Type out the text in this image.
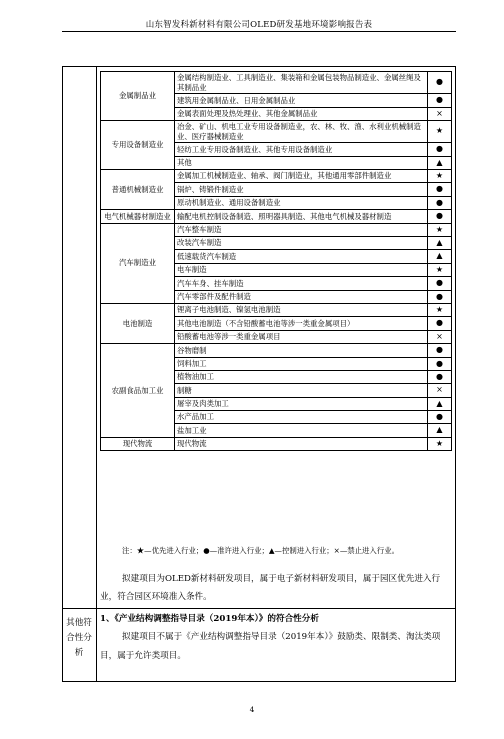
山东智发科新材料有限公司OLED研发基地环境影响报告表
金属制品业	金属结构制造业、工具制造业、集装箱和金属包装物品制造业、金属丝绳及其制品业	●
	建筑用金属制品业、日用金属制品业	●
	金属表面处理及热处理业、其他金属制品业	×
专用设备制造业	冶金、矿山、机电工业专用设备制造业，农、林、牧、渔、水利业机械制造业、医疗器械制造业	★
	轻纺工业专用设备制造业、其他专用设备制造业	●
	其他	▲
普通机械制造业	金属加工机械制造业、轴承、阀门制造业，其他通用零部件制造业	★
	锅炉、铸锻件制造业	●
	原动机制造业、通用设备制造业	●
电气机械器材制造业	输配电机控制设备制造、照明器具制造、其他电气机械及器材制造	●
汽车制造业	汽车整车制造	★
	改装汽车制造	▲
	低速载货汽车制造	▲
	电车制造	★
	汽车车身、挂车制造	●
	汽车零部件及配件制造	●
电池制造	锂离子电池制造、镍氢电池制造	★
	其他电池制造（不含铅酸蓄电池等涉一类重金属项目）	●
	铅酸蓄电池等涉一类重金属项目	×
农副食品加工业	谷物磨制	●
	饲料加工	●
	植物油加工	●
	制糖	×
	屠宰及肉类加工	▲
	水产品加工	●
	盐加工业	▲
现代物流	现代物流	★
注：★—优先进入行业；●—准许进入行业；▲—控制进入行业；×—禁止进入行业。
拟建项目为OLED新材料研发项目，属于电子新材料研发项目，属于园区优先进入行业，符合园区环境准入条件。
其他符合性分析
1、《产业结构调整指导目录（2019年本）》的符合性分析
拟建项目不属于《产业结构调整指导目录（2019年本）》鼓励类、限制类、淘汰类项目，属于允许类项目。
4
